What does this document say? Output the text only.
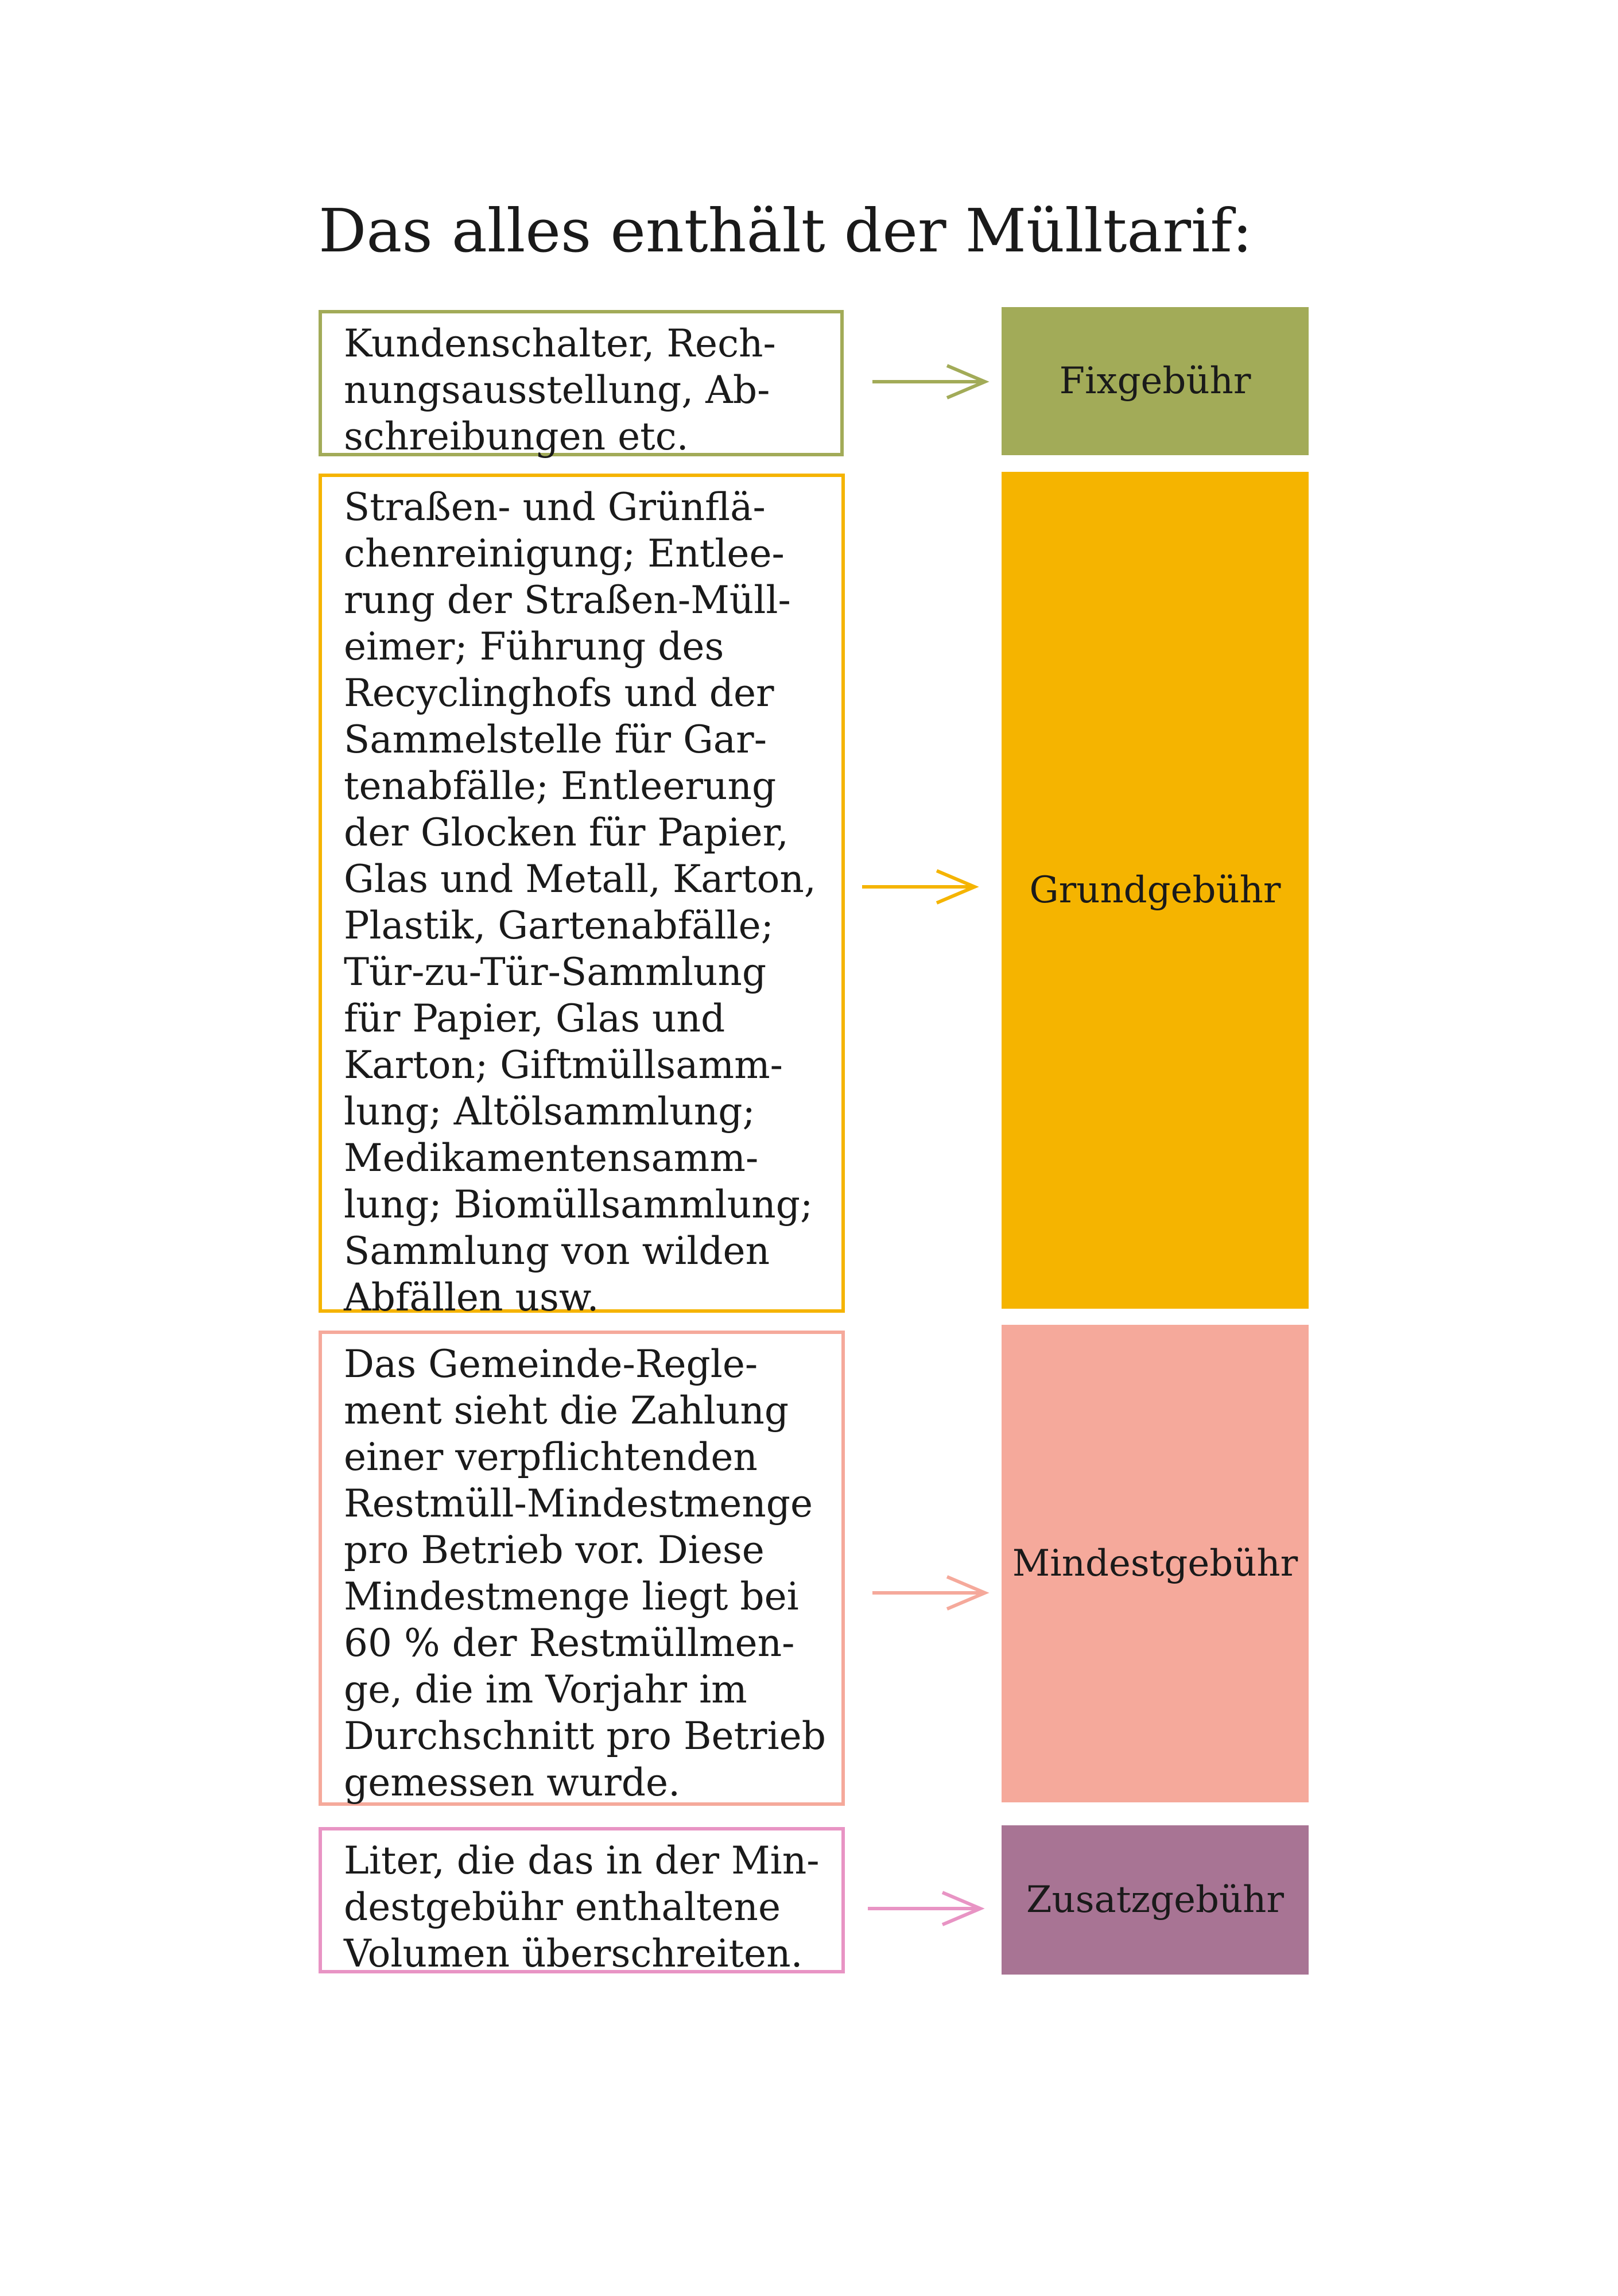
Das alles enthält der Mülltarif:
Kundenschalter, Rech-
nungsausstellung, Ab-
schreibungen etc.
Fixgebühr
Straßen- und Grünflä-
chenreinigung; Entlee-
rung der Straßen-Müll-
eimer; Führung des
Recyclinghofs und der
Sammelstelle für Gar-
tenabfälle; Entleerung
der Glocken für Papier,
Glas und Metall, Karton,
Plastik, Gartenabfälle;
Tür-zu-Tür-Sammlung
für Papier, Glas und
Karton; Giftmüllsamm-
lung; Altölsammlung;
Medikamentensamm-
lung; Biomüllsammlung;
Sammlung von wilden
Abfällen usw.
Grundgebühr
Das Gemeinde-Regle-
ment sieht die Zahlung
einer verpflichtenden
Restmüll-Mindestmenge
pro Betrieb vor. Diese
Mindestmenge liegt bei
60 % der Restmüllmen-
ge, die im Vorjahr im
Durchschnitt pro Betrieb
gemessen wurde.
Mindestgebühr
Liter, die das in der Min-
destgebühr enthaltene
Volumen überschreiten.
Zusatzgebühr
